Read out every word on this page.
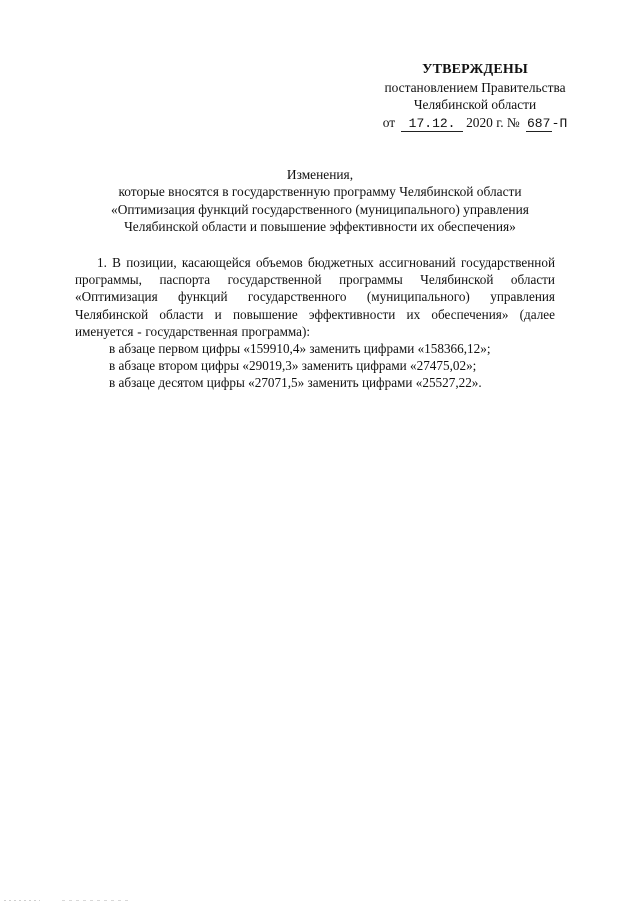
УТВЕРЖДЕНЫ
постановлением Правительства
Челябинской области
от	17.12. 2020 г. № 687 -П
Изменения,
которые вносятся в государственную программу Челябинской области
«Оптимизация функций государственного (муниципального) управления
Челябинской области и повышение эффективности их обеспечения»

1. В позиции, касающейся объемов бюджетных ассигнований государственной программы, паспорта государственной программы Челябинской области «Оптимизация функций государственного (муниципального) управления Челябинской области и повышение эффективности их обеспечения» (далее именуется - государственная программа):

в абзаце первом цифры «159910,4» заменить цифрами «158366,12»;

в абзаце втором цифры «29019,3» заменить цифрами «27475,02»;

в абзаце десятом цифры «27071,5» заменить цифрами «25527,22».
